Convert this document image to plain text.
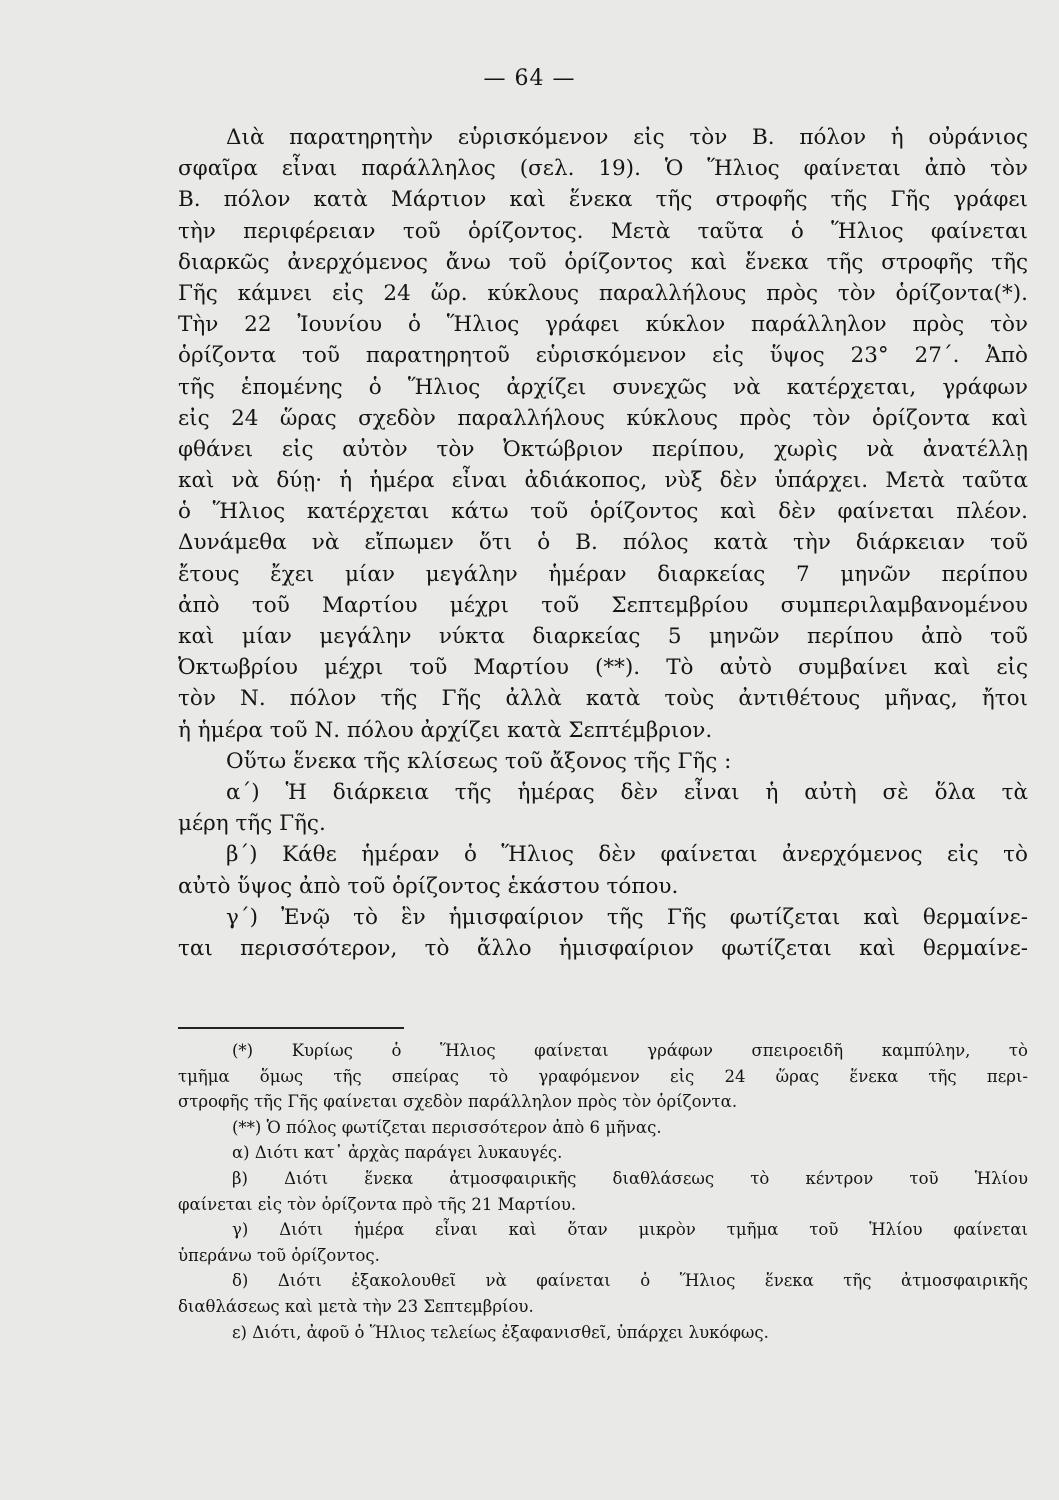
— 64 —
Διὰ παρατηρητὴν εὑρισκόμενον εἰς τὸν Β. πόλον ἡ οὐράνιος
σφαῖρα εἶναι παράλληλος (σελ. 19). Ὁ Ἥλιος φαίνεται ἀπὸ τὸν
Β. πόλον κατὰ Μάρτιον καὶ ἕνεκα τῆς στροφῆς τῆς Γῆς γράφει
τὴν περιφέρειαν τοῦ ὁρίζοντος. Μετὰ ταῦτα ὁ Ἥλιος φαίνεται
διαρκῶς ἀνερχόμενος ἄνω τοῦ ὁρίζοντος καὶ ἕνεκα τῆς στροφῆς τῆς
Γῆς κάμνει εἰς 24 ὥρ. κύκλους παραλλήλους πρὸς τὸν ὁρίζοντα(*).
Τὴν 22 Ἰουνίου ὁ Ἥλιος γράφει κύκλον παράλληλον πρὸς τὸν
ὁρίζοντα τοῦ παρατηρητοῦ εὑρισκόμενον εἰς ὕψος 23° 27΄. Ἀπὸ
τῆς ἑπομένης ὁ Ἥλιος ἀρχίζει συνεχῶς νὰ κατέρχεται, γράφων
εἰς 24 ὥρας σχεδὸν παραλλήλους κύκλους πρὸς τὸν ὁρίζοντα καὶ
φθάνει εἰς αὐτὸν τὸν Ὀκτώβριον περίπου, χωρὶς νὰ ἀνατέλλῃ
καὶ νὰ δύῃ· ἡ ἡμέρα εἶναι ἀδιάκοπος, νὺξ δὲν ὑπάρχει. Μετὰ ταῦτα
ὁ Ἥλιος κατέρχεται κάτω τοῦ ὁρίζοντος καὶ δὲν φαίνεται πλέον.
Δυνάμεθα νὰ εἴπωμεν ὅτι ὁ Β. πόλος κατὰ τὴν διάρκειαν τοῦ
ἔτους ἔχει μίαν μεγάλην ἡμέραν διαρκείας 7 μηνῶν περίπου
ἀπὸ τοῦ Μαρτίου μέχρι τοῦ Σεπτεμβρίου συμπεριλαμβανομένου
καὶ μίαν μεγάλην νύκτα διαρκείας 5 μηνῶν περίπου ἀπὸ τοῦ
Ὀκτωβρίου μέχρι τοῦ Μαρτίου (**). Τὸ αὐτὸ συμβαίνει καὶ εἰς
τὸν Ν. πόλον τῆς Γῆς ἀλλὰ κατὰ τοὺς ἀντιθέτους μῆνας, ἤτοι
ἡ ἡμέρα τοῦ Ν. πόλου ἀρχίζει κατὰ Σεπτέμβριον.
Οὕτω ἕνεκα τῆς κλίσεως τοῦ ἄξονος τῆς Γῆς :
α΄) Ἡ διάρκεια τῆς ἡμέρας δὲν εἶναι ἡ αὐτὴ σὲ ὅλα τὰ
μέρη τῆς Γῆς.
β΄) Κάθε ἡμέραν ὁ Ἥλιος δὲν φαίνεται ἀνερχόμενος εἰς τὸ
αὐτὸ ὕψος ἀπὸ τοῦ ὁρίζοντος ἑκάστου τόπου.
γ΄) Ἐνῷ τὸ ἓν ἡμισφαίριον τῆς Γῆς φωτίζεται καὶ θερμαίνε-
ται περισσότερον, τὸ ἄλλο ἡμισφαίριον φωτίζεται καὶ θερμαίνε-
(*) Κυρίως ὁ Ἥλιος φαίνεται γράφων σπειροειδῆ καμπύλην, τὸ
τμῆμα ὅμως τῆς σπείρας τὸ γραφόμενον εἰς 24 ὥρας ἕνεκα τῆς περι-
στροφῆς τῆς Γῆς φαίνεται σχεδὸν παράλληλον πρὸς τὸν ὁρίζοντα.
(**) Ὁ πόλος φωτίζεται περισσότερον ἀπὸ 6 μῆνας.
α) Διότι κατ᾽ ἀρχὰς παράγει λυκαυγές.
β) Διότι ἕνεκα ἀτμοσφαιρικῆς διαθλάσεως τὸ κέντρον τοῦ Ἡλίου
φαίνεται εἰς τὸν ὁρίζοντα πρὸ τῆς 21 Μαρτίου.
γ) Διότι ἡμέρα εἶναι καὶ ὅταν μικρὸν τμῆμα τοῦ Ἡλίου φαίνεται
ὑπεράνω τοῦ ὁρίζοντος.
δ) Διότι ἐξακολουθεῖ νὰ φαίνεται ὁ Ἥλιος ἕνεκα τῆς ἀτμοσφαιρικῆς
διαθλάσεως καὶ μετὰ τὴν 23 Σεπτεμβρίου.
ε) Διότι, ἀφοῦ ὁ Ἥλιος τελείως ἐξαφανισθεῖ, ὑπάρχει λυκόφως.
